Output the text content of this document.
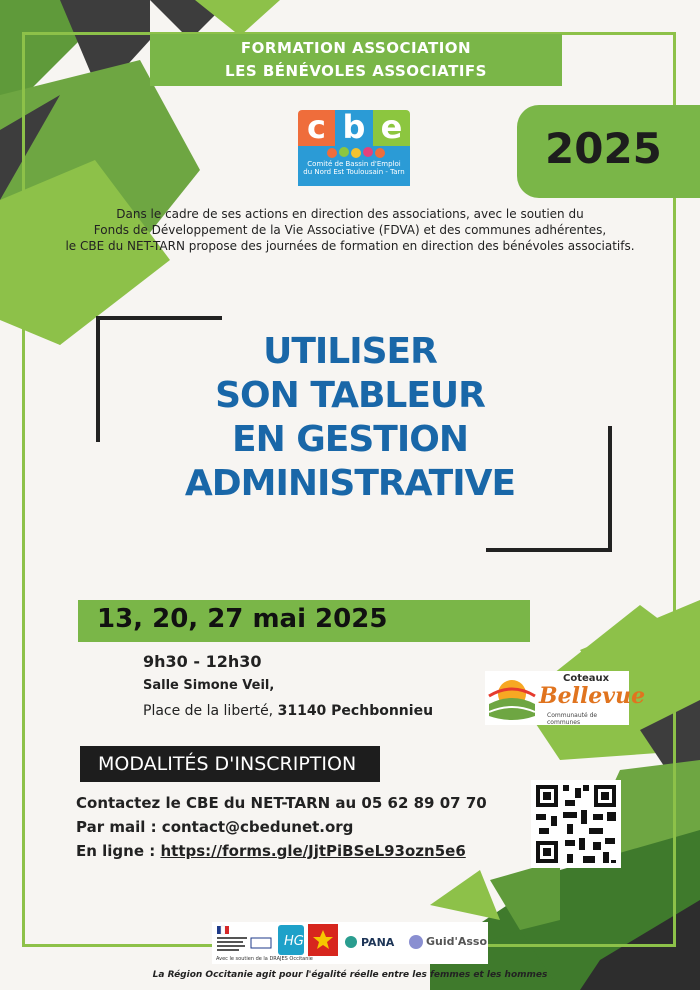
FORMATION ASSOCIATION
LES BÉNÉVOLES ASSOCIATIFS
2025
c b e
Comité de Bassin d'Emploi
du Nord Est Toulousain - Tarn
Dans le cadre de ses actions en direction des associations, avec le soutien du
Fonds de Développement de la Vie Associative (FDVA) et des communes adhérentes,
le CBE du NET-TARN propose des journées de formation en direction des bénévoles associatifs.
UTILISER
SON TABLEUR
EN GESTION
ADMINISTRATIVE
13, 20, 27 mai 2025
9h30 - 12h30
Salle Simone Veil,
Place de la liberté, 31140 Pechbonnieu
Coteaux
Bellevue
Communauté de communes
MODALITÉS D'INSCRIPTION
Contactez le CBE du NET-TARN au 05 62 89 07 70
Par mail : contact@cbedunet.org
En ligne : https://forms.gle/JjtPiBSeL93ozn5e6
Avec le soutien de la DRAJES Occitanie
HG	PANA	Guid'Asso
La Région Occitanie agit pour l'égalité réelle entre les femmes et les hommes
